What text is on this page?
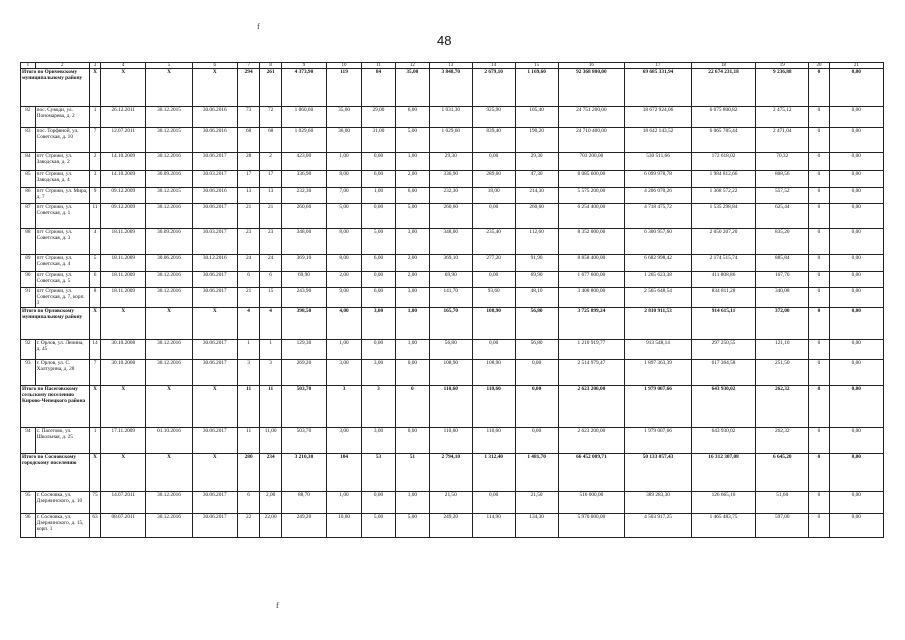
48
f
f
1	2	3	4	5	6	7	8	9	10	11	12	13	14	15	16	17	18	19	20	21
Итого по Оричевскому муниципальному району		X	X	X	X	294	261	4 373,90	119	84	35,00	3 848,70	2 679,10	1 169,60	92 368 800,00	69 685 331,94	22 674 231,18	9 236,88	0	0,00
82	пос. Суводи, ул. Пономарева, д. 2	1	26.12.2011	30.12.2015	30.06.2016	73	72	1 060,60	35,00	29,00	6,00	1 031,30	925,90	105,40	24 751 200,00	18 672 924,06	6 075 800,82	2 475,12	0	0,00
83	пос. Торфяной, ул. Советская, д. 10	7	12.07.2011	30.12.2015	30.06.2016	68	68	1 029,60	36,00	31,00	5,00	1 029,60	839,40	190,20	24 710 400,00	18 642 143,52	6 065 785,44	2 471,04	0	0,00
84	пгт Стрижи, ул. Заводская, д. 2	2	14.10.2009	30.12.2016	30.06.2017	28	2	423,00	1,00	0,00	1,00	29,30	0,00	29,30	703 200,00	530 511,66	172 618,02	70,32	0	0,00
85	пгт Стрижи, ул. Заводская, д. 4	3	14.10.2009	30.09.2016	30.03.2017	17	17	336,90	8,00	6,00	2,00	336,90	289,60	47,30	8 085 600,00	6 099 978,78	1 984 812,66	808,56	0	0,00
86	пгт Стрижи, ул. Мира, д. 7	9	09.12.2009	30.12.2015	30.06.2016	13	13	232,30	7,00	1,00	6,00	232,30	18,00	214,30	5 575 200,00	4 206 070,26	1 368 572,22	557,52	0	0,00
87	пгт Стрижи, ул. Советская, д. 1	11	09.12.2009	30.12.2016	30.06.2017	21	21	260,60	5,00	0,00	5,00	260,60	0,00	260,60	6 254 400,00	4 718 475,72	1 535 298,84	625,44	0	0,00
88	пгт Стрижи, ул. Советская, д. 3	4	18.11.2009	30.09.2016	30.03.2017	23	23	348,00	8,00	5,00	3,00	348,00	235,40	112,60	8 352 000,00	6 300 957,60	2 050 207,20	835,20	0	0,00
89	пгт Стрижи, ул. Советская, д. 4	5	18.11.2009	30.06.2016	30.12.2016	24	24	369,10	8,00	6,00	2,00	369,10	277,20	91,90	8 858 400,00	6 682 998,42	2 174 515,74	885,84	0	0,00
90	пгт Стрижи, ул. Советская, д. 5	6	18.11.2009	30.12.2016	30.06.2017	6	6	69,90	2,00	0,00	2,00	69,90	0,00	69,90	1 677 600,00	1 265 623,38	411 808,86	167,76	0	0,00
91	пгт Стрижи, ул. Советская, д. 7, корп. 3	8	18.11.2009	30.12.2016	30.06.2017	21	15	243,90	9,00	6,00	3,00	141,70	93,60	48,10	3 400 800,00	2 565 648,54	834 811,28	340,08	0	0,00
Итого по Орловскому муниципальному району		X	X	X	X	4	4	398,50	4,00	3,00	1,00	165,70	108,90	56,80	3 725 899,24	2 810 911,53	914 615,11	372,00	0	0,00
92	г. Орлов, ул. Ленина, д. 45	14	30.10.2008	30.12.2016	30.06.2017	1	1	129,30	1,00	0,00	1,00	56,80	0,00	56,80	1 210 919,77	913 548,14	297 250,55	121,10	0	0,00
93	г. Орлов, ул. С. Халтурина, д. 28	7	30.10.2008	30.12.2016	30.06.2017	3	3	269,20	3,00	3,00	0,00	108,90	108,90	0,00	2 514 979,47	1 897 363,39	617 364,58	251,50	0	0,00
Итого по Пасеговскому сельскому поселению Кирово-Чепецкого района		X	X	X	X	11	11	503,70	3	3	0	110,60	110,60	0,00	2 623 200,00	1 979 007,66	643 930,02	262,32	0	0,00
94	с. Пасегово, ул. Школьная, д. 25	1	17.11.2009	01.10.2016	30.06.2017	11	11,00	503,70	3,00	3,00	0,00	110,60	110,60	0,00	2 623 200,00	1 979 007,66	643 930,02	262,32	0	0,00
Итого по Сосновскому городскому поселению		X	X	X	X	280	234	3 210,30	104	53	51	2 794,10	1 312,40	1 481,70	66 452 009,71	50 133 057,43	16 312 307,08	6 645,20	0	0,00
95	г. Сосновка, ул. Дзержинского, д. 10	75	14.07.2011	30.12.2016	30.06.2017	6	2,00	88,70	1,00	0,00	1,00	21,50	0,00	21,50	516 000,00	389 283,30	126 665,10	51,60	0	0,00
96	г. Сосновка, ул. Дзержинского, д. 15, корп. 1	63	08.07.2011	30.12.2016	30.06.2017	22	22,00	249,20	10,00	5,00	5,00	249,20	114,90	134,30	5 970 000,00	4 503 917,25	1 465 483,75	597,00	0	0,00
